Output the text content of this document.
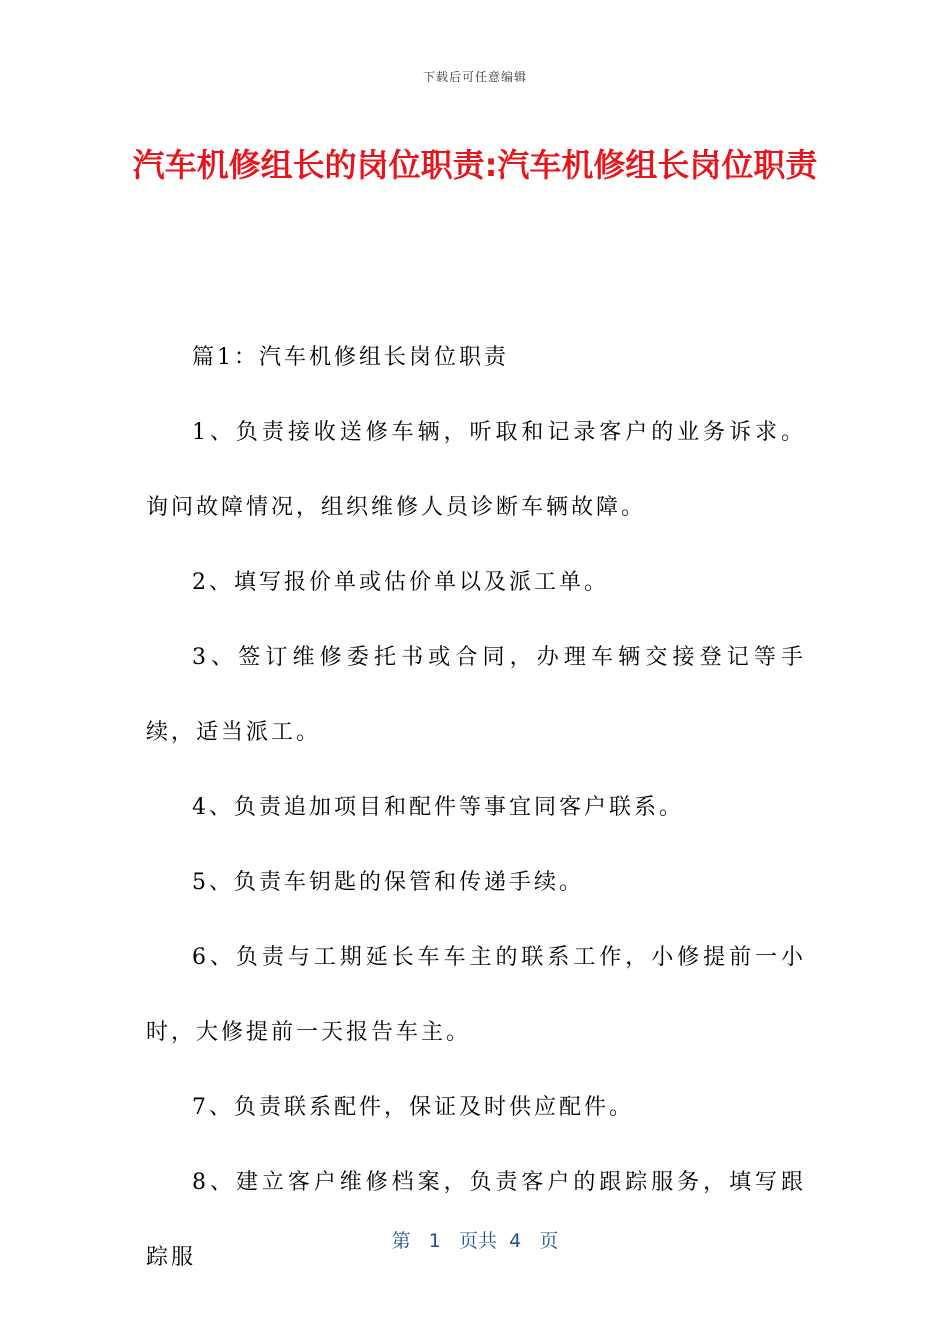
下载后可任意编辑
汽车机修组长的岗位职责:汽车机修组长岗位职责

篇1：汽车机修组长岗位职责

1、负责接收送修车辆，听取和记录客户的业务诉求。询问故障情况，组织维修人员诊断车辆故障。

2、填写报价单或估价单以及派工单。

3、签订维修委托书或合同，办理车辆交接登记等手续，适当派工。

4、负责追加项目和配件等事宜同客户联系。

5、负责车钥匙的保管和传递手续。

6、负责与工期延长车车主的联系工作，小修提前一小时，大修提前一天报告车主。

7、负责联系配件，保证及时供应配件。

8、建立客户维修档案，负责客户的跟踪服务，填写跟踪服

第 1 页共 4 页
